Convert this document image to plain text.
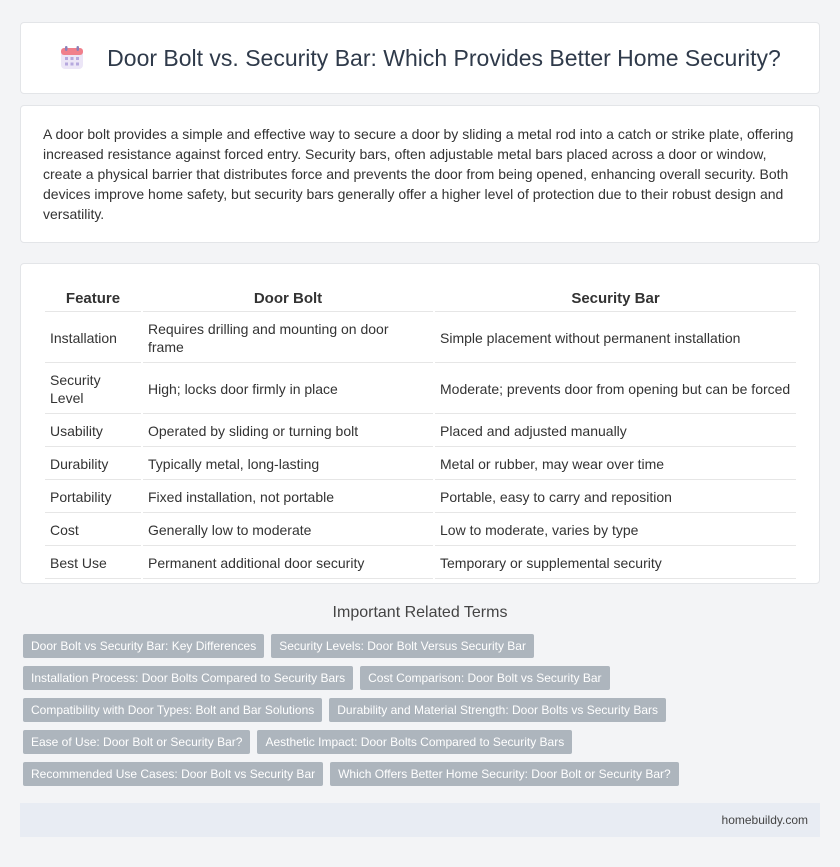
Door Bolt vs. Security Bar: Which Provides Better Home Security?

A door bolt provides a simple and effective way to secure a door by sliding a metal rod into a catch or strike plate, offering increased resistance against forced entry. Security bars, often adjustable metal bars placed across a door or window, create a physical barrier that distributes force and prevents the door from being opened, enhancing overall security. Both devices improve home safety, but security bars generally offer a higher level of protection due to their robust design and versatility.

Feature	Door Bolt	Security Bar
Installation	Requires drilling and mounting on door frame	Simple placement without permanent installation
Security Level	High; locks door firmly in place	Moderate; prevents door from opening but can be forced
Usability	Operated by sliding or turning bolt	Placed and adjusted manually
Durability	Typically metal, long-lasting	Metal or rubber, may wear over time
Portability	Fixed installation, not portable	Portable, easy to carry and reposition
Cost	Generally low to moderate	Low to moderate, varies by type
Best Use	Permanent additional door security	Temporary or supplemental security
Important Related Terms
Door Bolt vs Security Bar: Key Differences	Security Levels: Door Bolt Versus Security Bar
Installation Process: Door Bolts Compared to Security Bars	Cost Comparison: Door Bolt vs Security Bar
Compatibility with Door Types: Bolt and Bar Solutions	Durability and Material Strength: Door Bolts vs Security Bars
Ease of Use: Door Bolt or Security Bar?	Aesthetic Impact: Door Bolts Compared to Security Bars
Recommended Use Cases: Door Bolt vs Security Bar	Which Offers Better Home Security: Door Bolt or Security Bar?
homebuildy.com
